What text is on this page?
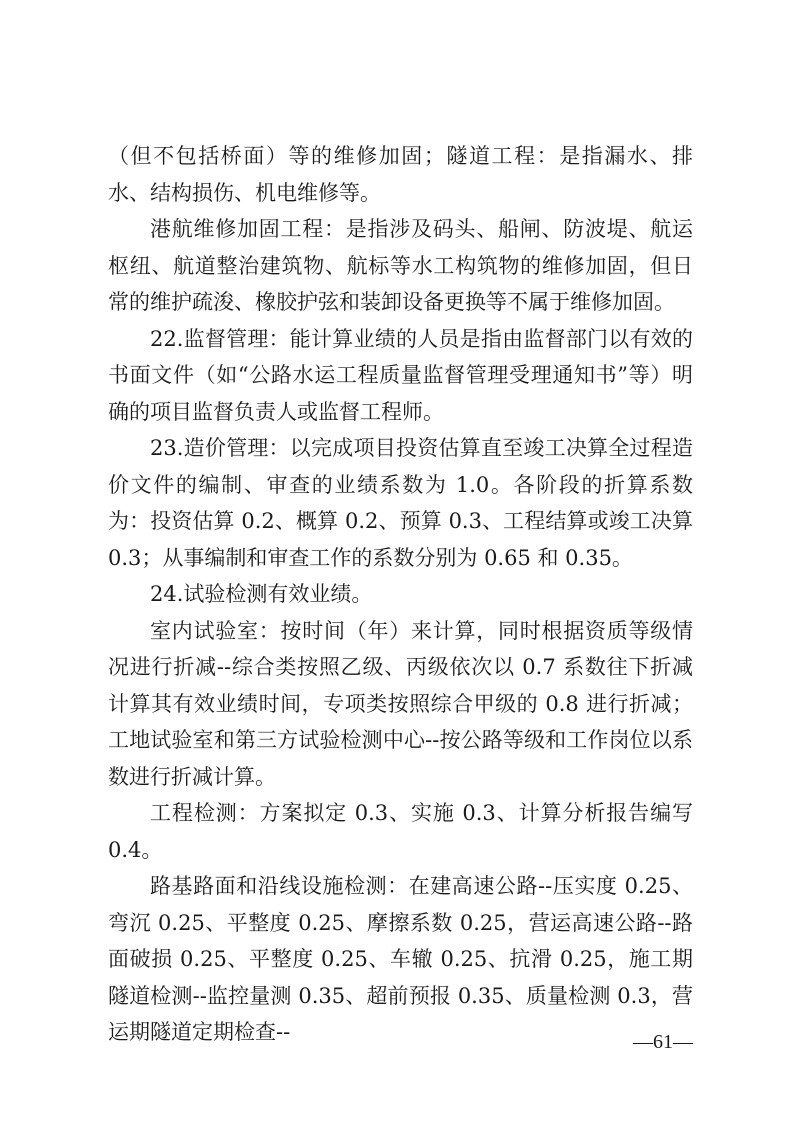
（但不包括桥面）等的维修加固；隧道工程：是指漏水、排水、结构损伤、机电维修等。

港航维修加固工程：是指涉及码头、船闸、防波堤、航运枢纽、航道整治建筑物、航标等水工构筑物的维修加固，但日常的维护疏浚、橡胶护弦和装卸设备更换等不属于维修加固。

22.监督管理：能计算业绩的人员是指由监督部门以有效的书面文件（如“公路水运工程质量监督管理受理通知书”等）明确的项目监督负责人或监督工程师。

23.造价管理：以完成项目投资估算直至竣工决算全过程造价文件的编制、审查的业绩系数为 1.0。各阶段的折算系数为：投资估算 0.2、概算 0.2、预算 0.3、工程结算或竣工决算 0.3；从事编制和审查工作的系数分别为 0.65 和 0.35。

24.试验检测有效业绩。

室内试验室：按时间（年）来计算，同时根据资质等级情况进行折减--综合类按照乙级、丙级依次以 0.7 系数往下折减计算其有效业绩时间，专项类按照综合甲级的 0.8 进行折减；工地试验室和第三方试验检测中心--按公路等级和工作岗位以系数进行折减计算。

工程检测：方案拟定 0.3、实施 0.3、计算分析报告编写 0.4。

路基路面和沿线设施检测：在建高速公路--压实度 0.25、弯沉 0.25、平整度 0.25、摩擦系数 0.25，营运高速公路--路面破损 0.25、平整度 0.25、车辙 0.25、抗滑 0.25，施工期隧道检测--监控量测 0.35、超前预报 0.35、质量检测 0.3，营运期隧道定期检查--	—61—
